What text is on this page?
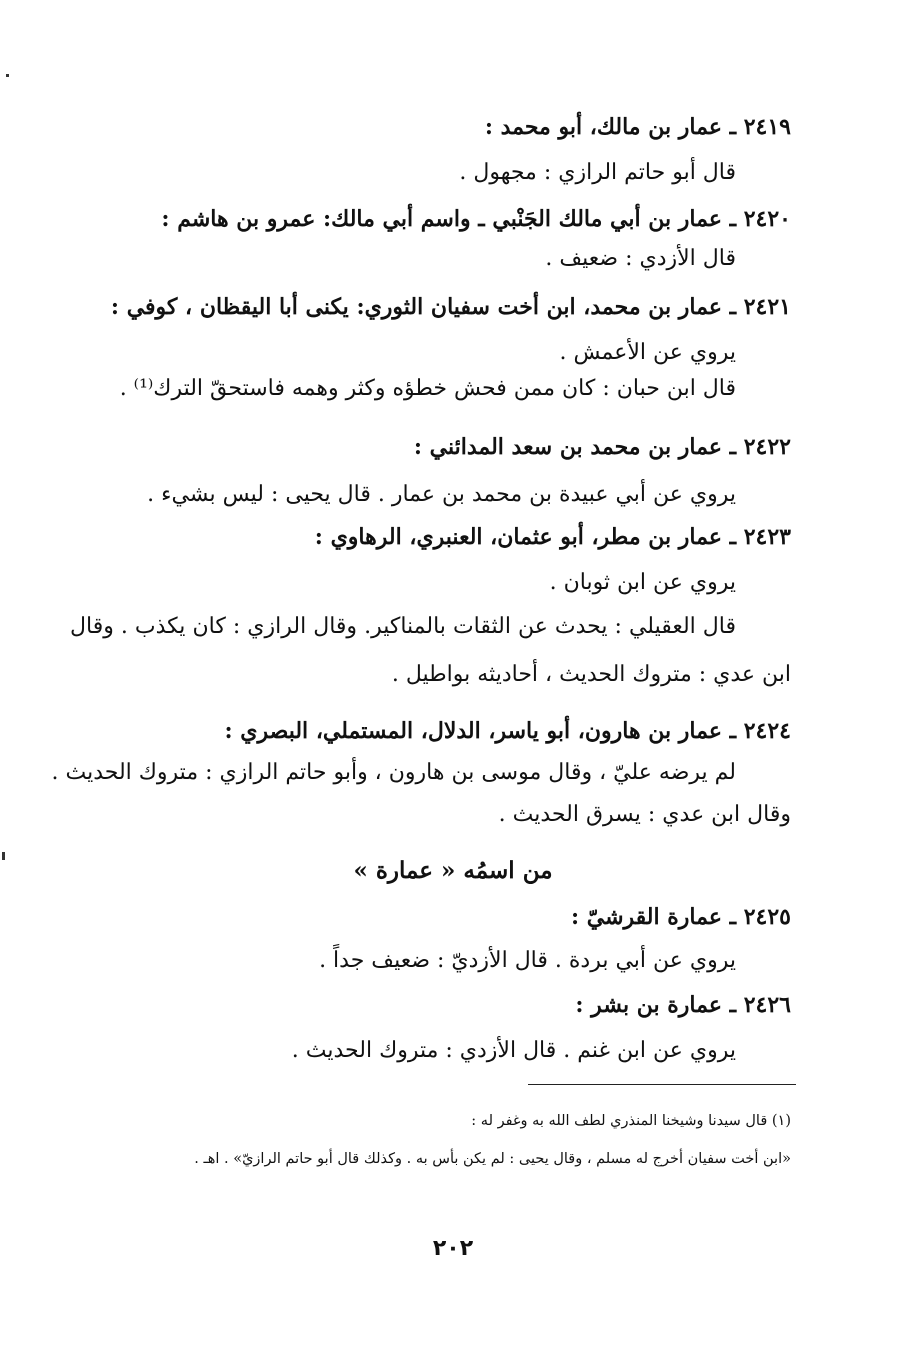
٢٤١٩ ـ عمار بن مالك، أبو محمد :
قال أبو حاتم الرازي : مجهول .
٢٤٢٠ ـ عمار بن أبي مالك الجَنْبي ـ واسم أبي مالك: عمرو بن هاشم :
قال الأزدي : ضعيف .
٢٤٢١ ـ عمار بن محمد، ابن أخت سفيان الثوري: يكنى أبا اليقظان ، كوفي :
يروي عن الأعمش .
قال ابن حبان : كان ممن فحش خطؤه وكثر وهمه فاستحقّ الترك⁽¹⁾ .
٢٤٢٢ ـ عمار بن محمد بن سعد المدائني :
يروي عن أبي عبيدة بن محمد بن عمار . قال يحيى : ليس بشيء .
٢٤٢٣ ـ عمار بن مطر، أبو عثمان، العنبري، الرهاوي :
يروي عن ابن ثوبان .
قال العقيلي : يحدث عن الثقات بالمناكير. وقال الرازي : كان يكذب . وقال
ابن عدي : متروك الحديث ، أحاديثه بواطيل .
٢٤٢٤ ـ عمار بن هارون، أبو ياسر، الدلال، المستملي، البصري :
لم يرضه عليّ ، وقال موسى بن هارون ، وأبو حاتم الرازي : متروك الحديث .
وقال ابن عدي : يسرق الحديث .
من اسمُه « عمارة »
٢٤٢٥ ـ عمارة القرشيّ :
يروي عن أبي بردة . قال الأزديّ : ضعيف جداً .
٢٤٢٦ ـ عمارة بن بشر :
يروي عن ابن غنم . قال الأزدي : متروك الحديث .
(١) قال سيدنا وشيخنا المنذري لطف الله به وغفر له :
«ابن أخت سفيان أخرج له مسلم ، وقال يحيى : لم يكن بأس به . وكذلك قال أبو حاتم الرازيّ» . اهـ .
٢٠٢
